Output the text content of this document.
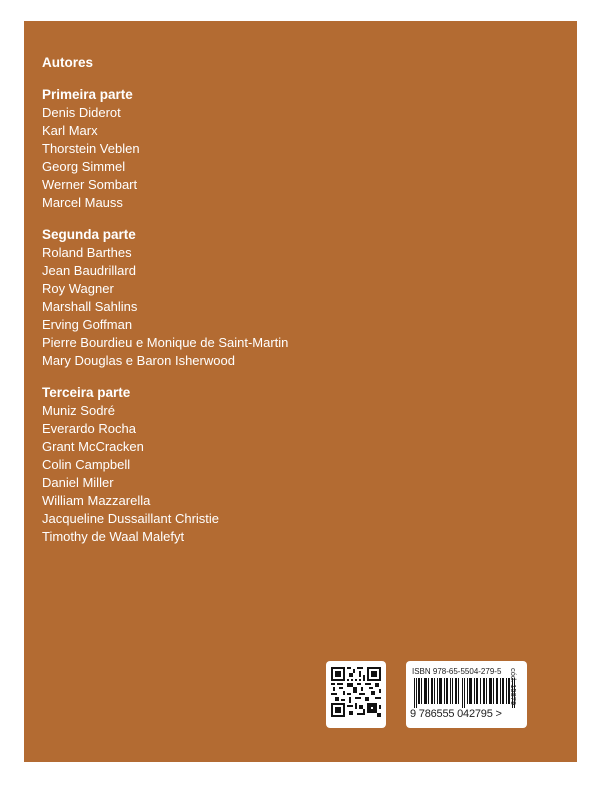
Autores

Primeira parte

Denis Diderot

Karl Marx

Thorstein Veblen

Georg Simmel

Werner Sombart

Marcel Mauss

Segunda parte

Roland Barthes

Jean Baudrillard

Roy Wagner

Marshall Sahlins

Erving Goffman

Pierre Bourdieu e Monique de Saint-Martin

Mary Douglas e Baron Isherwood

Terceira parte

Muniz Sodré

Everardo Rocha

Grant McCracken

Colin Campbell

Daniel Miller

William Mazzarella

Jacqueline Dussaillant Christie

Timothy de Waal Malefyt

ISBN 978-65-5504-279-5
9 786555 042795 >
cód. 15879
